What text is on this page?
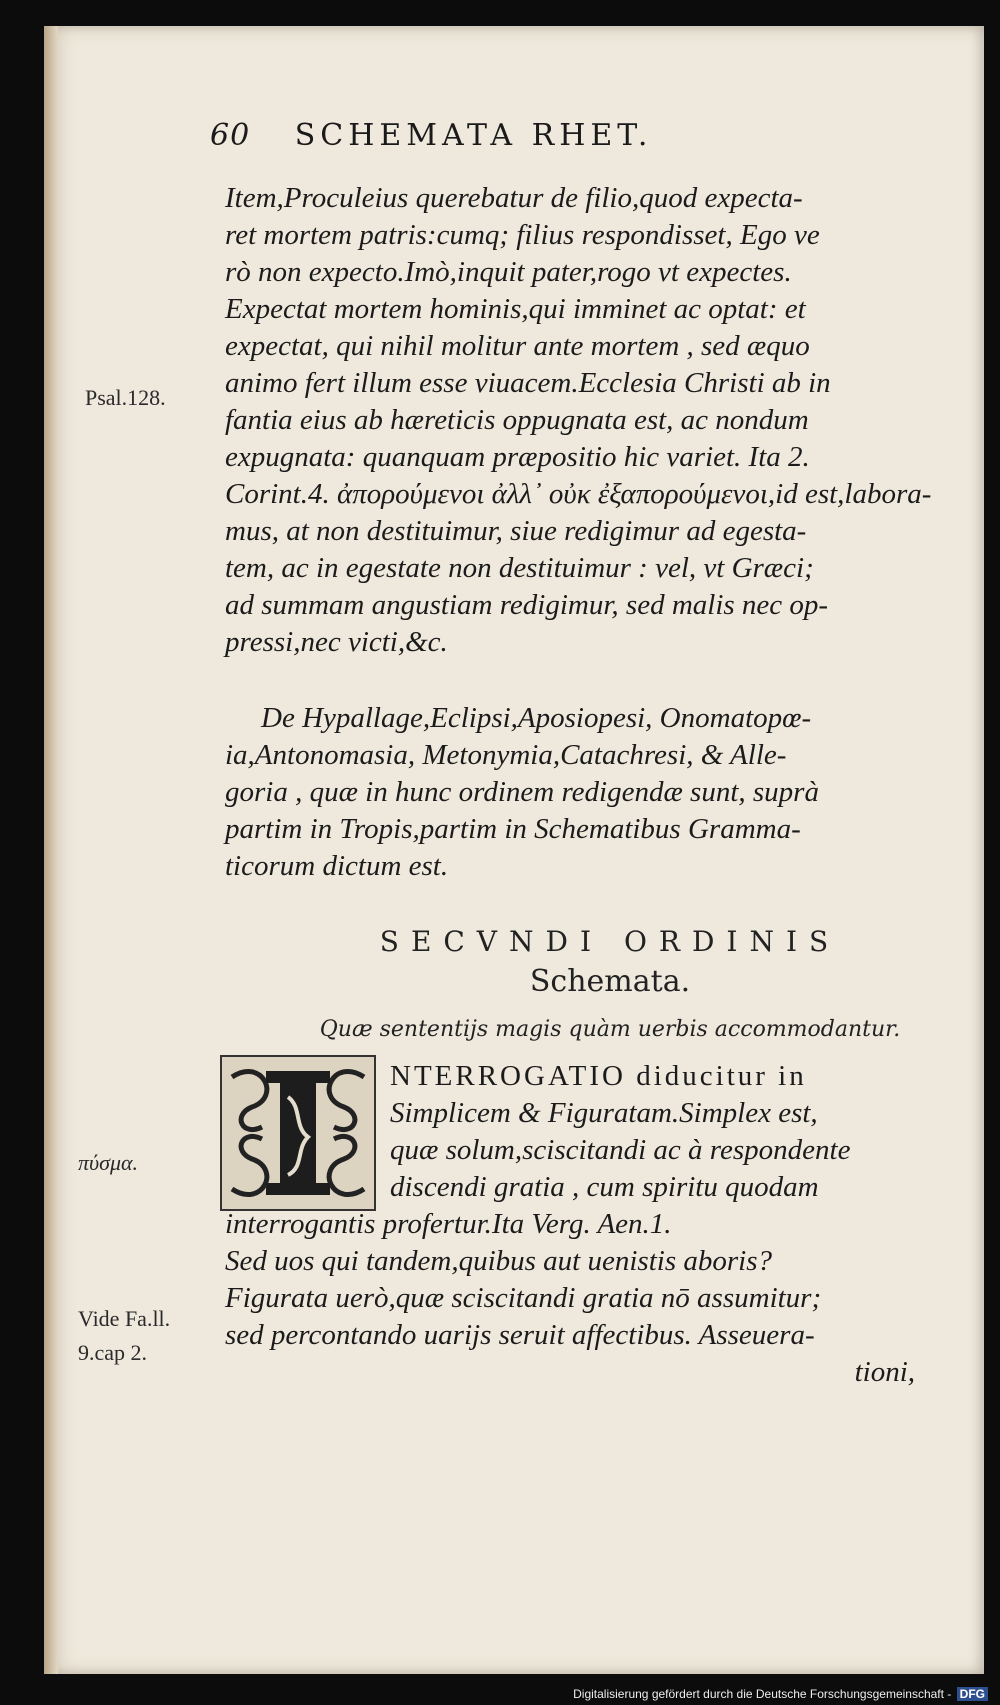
60 SCHEMATA RHET.
Item,Proculeius querebatur de filio,quod expecta-
ret mortem patris:cumq; filius respondisset, Ego ve
rò non expecto.Imò,inquit pater,rogo vt expectes.
Expectat mortem hominis,qui imminet ac optat: et
expectat, qui nihil molitur ante mortem , sed æquo
animo fert illum esse viuacem.Ecclesia Christi ab in
fantia eius ab hæreticis oppugnata est, ac nondum
expugnata: quanquam præpositio hic variet. Ita 2.
Corint.4. ἀπορούμενοι ἀλλ᾽ οὐκ ἐξαπορούμενοι,id est,labora-
mus, at non destituimur, siue redigimur ad egesta-
tem, ac in egestate non destituimur : vel, vt Græci;
ad summam angustiam redigimur, sed malis nec op-
pressi,nec victi,&c.
De Hypallage,Eclipsi,Aposiopesi, Onomatopœ-
ia,Antonomasia, Metonymia,Catachresi, & Alle-
goria , quæ in hunc ordinem redigendæ sunt, suprà
partim in Tropis,partim in Schematibus Gramma-
ticorum dictum est.
Psal.128.
SECVNDI ORDINIS
Schemata.
Quæ sententijs magis quàm uerbis accommodantur.
NTERROGATIO diducitur in
Simplicem & Figuratam.Simplex est,
quæ solum,sciscitandi ac à respondente
discendi gratia , cum spiritu quodam
πύσμα.
interrogantis profertur.Ita Verg. Aen.1.
Sed uos qui tandem,quibus aut uenistis aboris?
Figurata uerò,quæ sciscitandi gratia nō assumitur;
sed percontando uarijs seruit affectibus. Asseuera-
tioni,
Vide Fa.ll.
9.cap 2.
Digitalisierung gefördert durch die Deutsche Forschungsgemeinschaft - DFG
